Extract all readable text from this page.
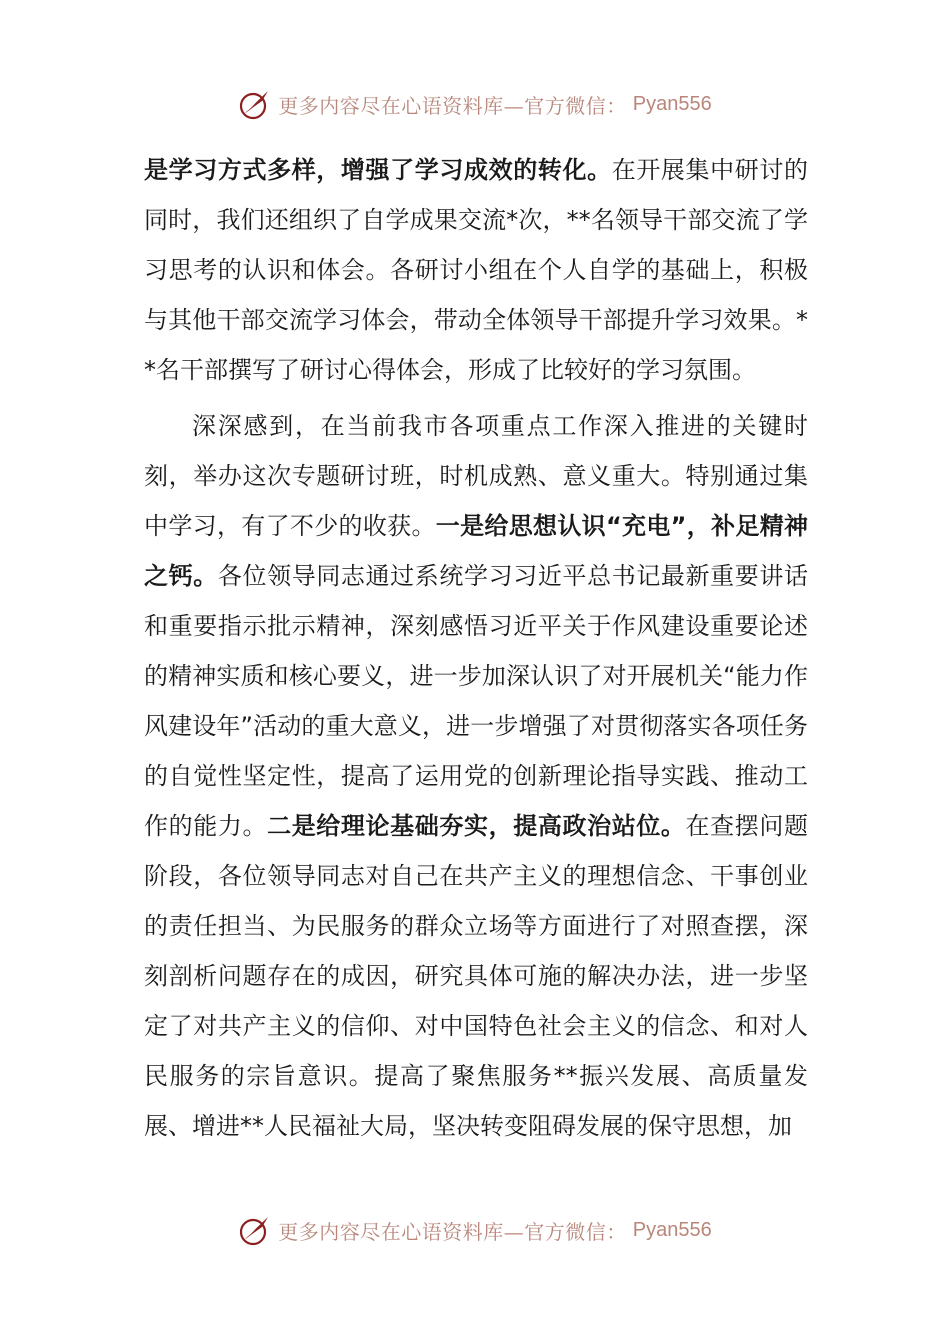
更多内容尽在心语资料库—官方微信： Pyan556

是学习方式多样，增强了学习成效的转化。在开展集中研讨的同时，我们还组织了自学成果交流*次，**名领导干部交流了学习思考的认识和体会。各研讨小组在个人自学的基础上，积极与其他干部交流学习体会，带动全体领导干部提升学习效果。**名干部撰写了研讨心得体会，形成了比较好的学习氛围。

深深感到，在当前我市各项重点工作深入推进的关键时刻，举办这次专题研讨班，时机成熟、意义重大。特别通过集中学习，有了不少的收获。一是给思想认识“充电”，补足精神之钙。各位领导同志通过系统学习习近平总书记最新重要讲话和重要指示批示精神，深刻感悟习近平关于作风建设重要论述的精神实质和核心要义，进一步加深认识了对开展机关“能力作风建设年”活动的重大意义，进一步增强了对贯彻落实各项任务的自觉性坚定性，提高了运用党的创新理论指导实践、推动工作的能力。二是给理论基础夯实，提高政治站位。在查摆问题阶段，各位领导同志对自己在共产主义的理想信念、干事创业的责任担当、为民服务的群众立场等方面进行了对照查摆，深刻剖析问题存在的成因，研究具体可施的解决办法，进一步坚定了对共产主义的信仰、对中国特色社会主义的信念、和对人民服务的宗旨意识。提高了聚焦服务**振兴发展、高质量发展、增进**人民福祉大局，坚决转变阻碍发展的保守思想，加

更多内容尽在心语资料库—官方微信： Pyan556
